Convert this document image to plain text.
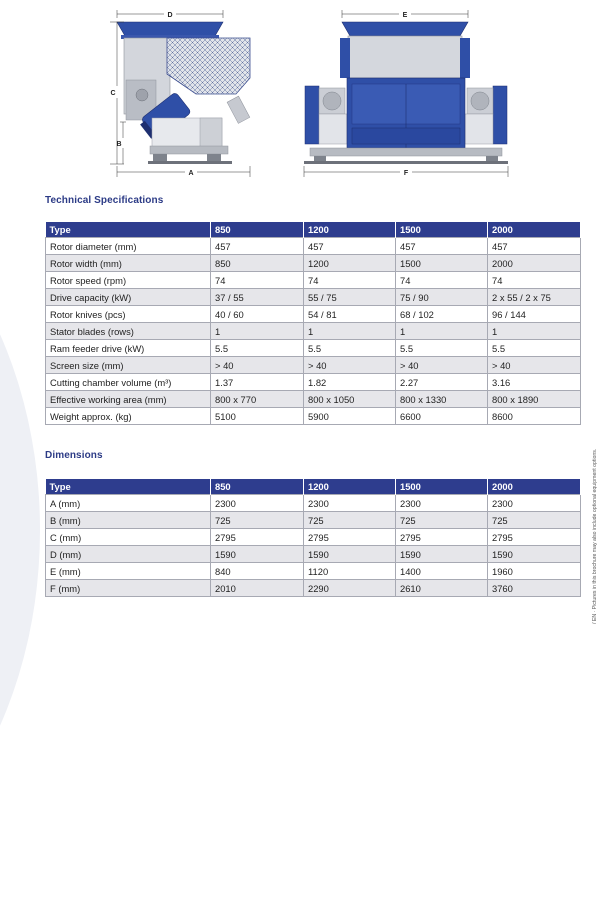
D
C
B
A
E
F
Technical Specifications
Type	850	1200	1500	2000
Rotor diameter (mm)	457	457	457	457
Rotor width (mm)	850	1200	1500	2000
Rotor speed (rpm)	74	74	74	74
Drive capacity (kW)	37 / 55	55 / 75	75 / 90	2 x 55 / 2 x 75
Rotor knives (pcs)	40 / 60	54 / 81	68 / 102	96 / 144
Stator blades (rows)	1	1	1	1
Ram feeder drive (kW)	5.5	5.5	5.5	5.5
Screen size (mm)	> 40	> 40	> 40	> 40
Cutting chamber volume (m³)	1.37	1.82	2.27	3.16
Effective working area (mm)	800 x 770	800 x 1050	800 x 1330	800 x 1890
Weight approx. (kg)	5100	5900	6600	8600
Dimensions
Type	850	1200	1500	2000
A (mm)	2300	2300	2300	2300
B (mm)	725	725	725	725
C (mm)	2795	2795	2795	2795
D (mm)	1590	1590	1590	1590
E (mm)	840	1120	1400	1960
F (mm)	2010	2290	2610	3760	/ EN · Pictures in this brochure may also include optional equipment options.
